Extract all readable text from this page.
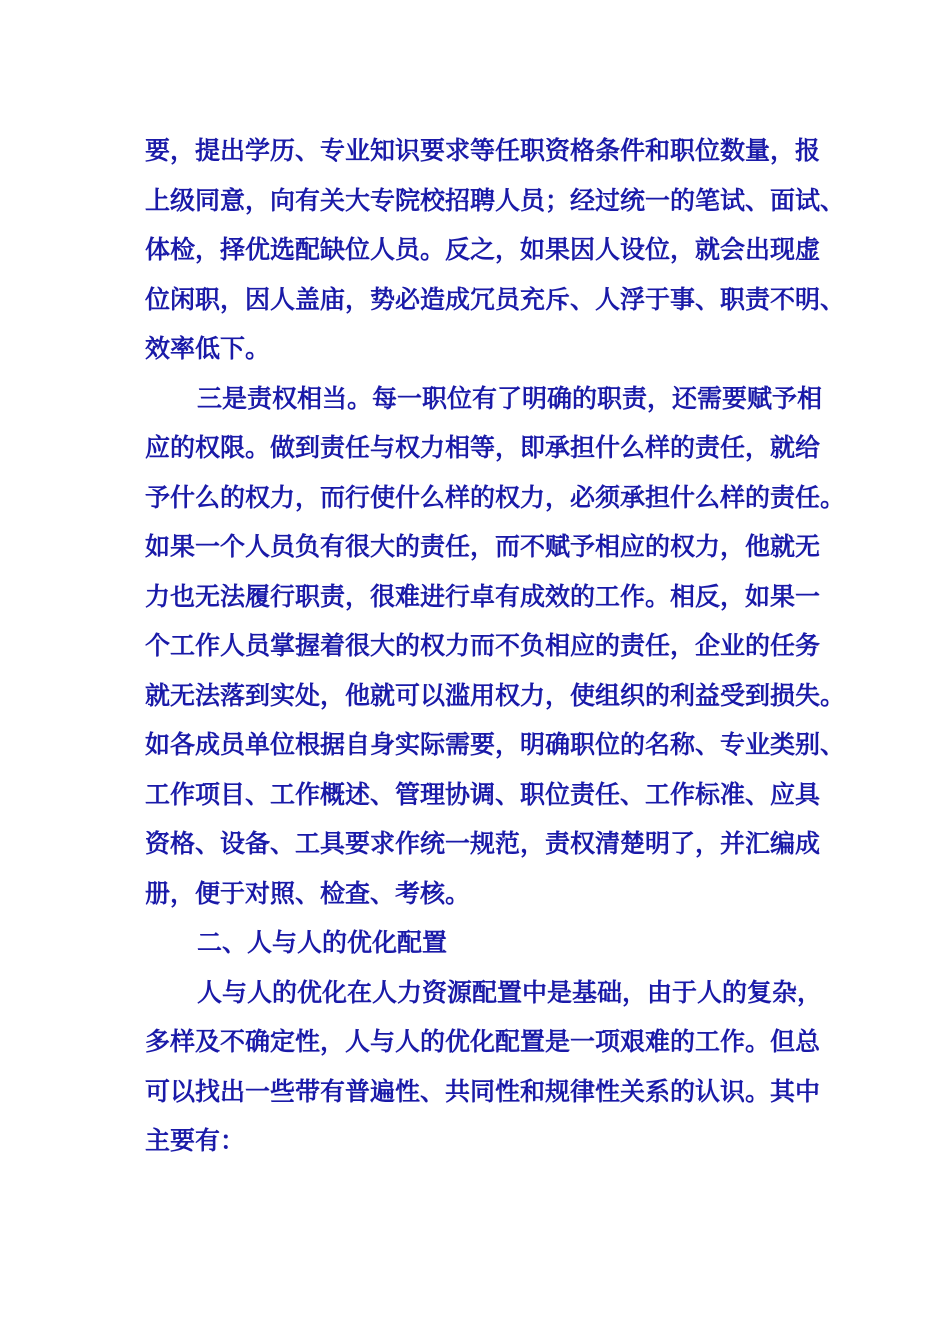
要，提出学历、专业知识要求等任职资格条件和职位数量，报
上级同意，向有关大专院校招聘人员；经过统一的笔试、面试、
体检，择优选配缺位人员。反之，如果因人设位，就会出现虚
位闲职，因人盖庙，势必造成冗员充斥、人浮于事、职责不明、
效率低下。
三是责权相当。每一职位有了明确的职责，还需要赋予相
应的权限。做到责任与权力相等，即承担什么样的责任，就给
予什么的权力，而行使什么样的权力，必须承担什么样的责任。
如果一个人员负有很大的责任，而不赋予相应的权力，他就无
力也无法履行职责，很难进行卓有成效的工作。相反，如果一
个工作人员掌握着很大的权力而不负相应的责任，企业的任务
就无法落到实处，他就可以滥用权力，使组织的利益受到损失。
如各成员单位根据自身实际需要，明确职位的名称、专业类别、
工作项目、工作概述、管理协调、职位责任、工作标准、应具
资格、设备、工具要求作统一规范，责权清楚明了，并汇编成
册，便于对照、检查、考核。
二、人与人的优化配置
人与人的优化在人力资源配置中是基础，由于人的复杂，
多样及不确定性，人与人的优化配置是一项艰难的工作。但总
可以找出一些带有普遍性、共同性和规律性关系的认识。其中
主要有：
